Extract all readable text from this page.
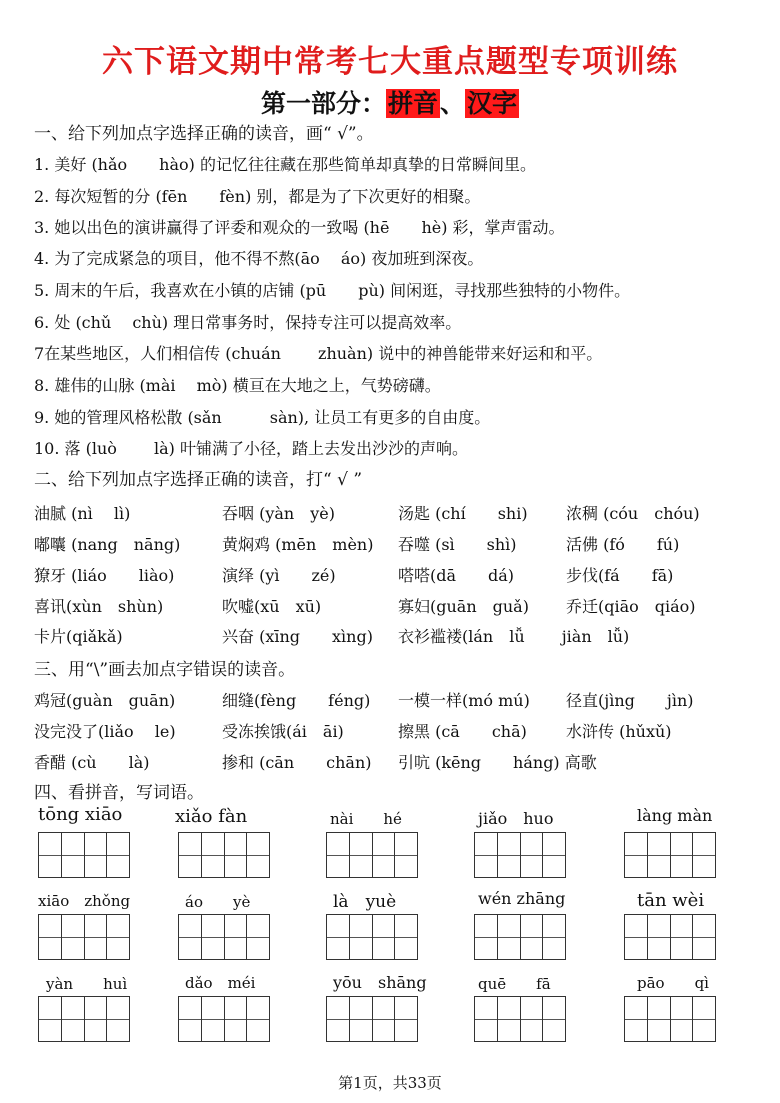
六下语文期中常考七大重点题型专项训练
第一部分：拼音、汉字
一、给下列加点字选择正确的读音，画“ √”。
1. 美好 (hǎo　　hào) 的记忆往往藏在那些简单却真挚的日常瞬间里。
2. 每次短暂的分 (fēn　　fèn) 别，都是为了下次更好的相聚。
3. 她以出色的演讲赢得了评委和观众的一致喝 (hē　　hè) 彩，掌声雷动。
4. 为了完成紧急的项目，他不得不熬(āo　 áo) 夜加班到深夜。
5. 周末的午后，我喜欢在小镇的店铺 (pū　　pù) 间闲逛，寻找那些独特的小物件。
6. 处 (chǔ　 chù) 理日常事务时，保持专注可以提高效率。
7在某些地区，人们相信传 (chuán　　 zhuàn) 说中的神兽能带来好运和和平。
8. 雄伟的山脉 (mài　 mò) 横亘在大地之上，气势磅礴。
9. 她的管理风格松散 (sǎn　　　sàn), 让员工有更多的自由度。
10. 落 (luò　　 là) 叶铺满了小径，踏上去发出沙沙的声响。
二、给下列加点字选择正确的读音，打“ √ ”
油腻 (nì　 lì)	吞咽 (yàn　yè)	汤匙 (chí　　shi) 浓稠 (cóu　chóu)
嘟囔 (nang　nāng)	黄焖鸡 (mēn　mèn) 吞噬 (sì　　shì)	活佛 (fó　　fú)
獠牙 (liáo　　liào)	演绎 (yì　　zé)	嗒嗒(dā　　dá)	步伐(fá　　fā)
喜讯(xùn　shùn)	吹嘘(xū　xū)	寡妇(guān　guǎ) 乔迁(qiāo　qiáo)
卡片(qiǎkǎ)	兴奋 (xīng　　xìng) 衣衫褴褛(lán　lǚ　　 jiàn　lǚ)
三、用“\”画去加点字错误的读音。
鸡冠(guàn　guān)	细缝(fèng　　féng) 一模一样(mó mú) 径直(jìng　　jìn)
没完没了(liǎo　 le)	受冻挨饿(ái　āi)	擦黑 (cā　　chā) 水浒传 (hǔxǔ)
香醋 (cù　　là)	掺和 (cān　　chān) 引吭 (kēng　　háng) 高歌
四、看拼音，写词语。
tōng xiāo	xiǎo fàn	nài　　hé	jiǎo　huo	làng màn
xiāo　zhǒng	áo　　yè	là　yuè	wén zhāng	tān wèi
yàn　　huì	dǎo　méi	yōu　shāng	quē　　fā	pāo　　qì
第1页，共33页
